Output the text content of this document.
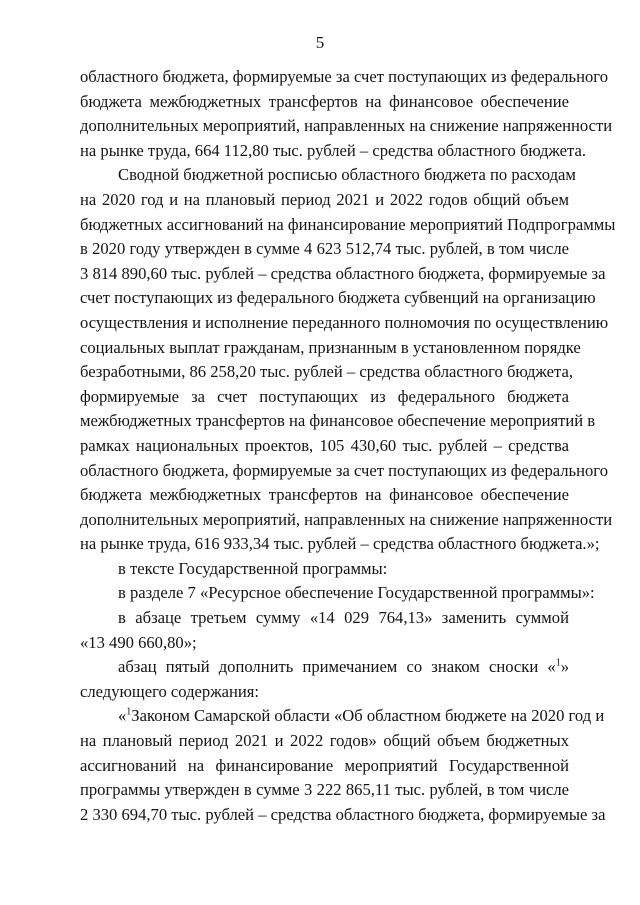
5
областного бюджета, формируемые за счет поступающих из федерального
бюджета межбюджетных трансфертов на финансовое обеспечение
дополнительных мероприятий, направленных на снижение напряженности
на рынке труда, 664 112,80 тыс. рублей – средства областного бюджета.
Сводной бюджетной росписью областного бюджета по расходам
на 2020 год и на плановый период 2021 и 2022 годов общий объем
бюджетных ассигнований на финансирование мероприятий Подпрограммы
в 2020 году утвержден в сумме 4 623 512,74 тыс. рублей, в том числе
3 814 890,60 тыс. рублей – средства областного бюджета, формируемые за
счет поступающих из федерального бюджета субвенций на организацию
осуществления и исполнение переданного полномочия по осуществлению
социальных выплат гражданам, признанным в установленном порядке
безработными, 86 258,20 тыс. рублей – средства областного бюджета,
формируемые за счет поступающих из федерального бюджета
межбюджетных трансфертов на финансовое обеспечение мероприятий в
рамках национальных проектов, 105 430,60 тыс. рублей – средства
областного бюджета, формируемые за счет поступающих из федерального
бюджета межбюджетных трансфертов на финансовое обеспечение
дополнительных мероприятий, направленных на снижение напряженности
на рынке труда, 616 933,34 тыс. рублей – средства областного бюджета.»;
в тексте Государственной программы:
в разделе 7 «Ресурсное обеспечение Государственной программы»:
в абзаце третьем сумму «14 029 764,13» заменить суммой
«13 490 660,80»;
абзац пятый дополнить примечанием со знаком сноски «$^1$»
следующего содержания:
«$^1$Законом Самарской области «Об областном бюджете на 2020 год и
на плановый период 2021 и 2022 годов» общий объем бюджетных
ассигнований на финансирование мероприятий Государственной
программы утвержден в сумме 3 222 865,11 тыс. рублей, в том числе
2 330 694,70 тыс. рублей – средства областного бюджета, формируемые за
